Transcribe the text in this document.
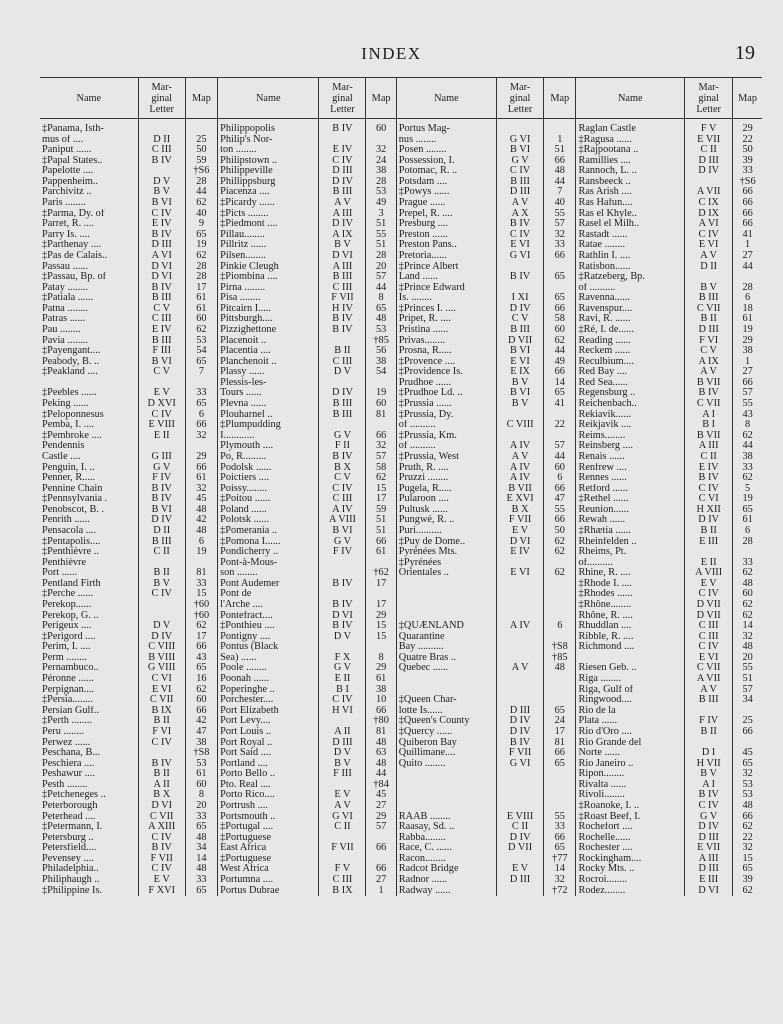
INDEX	19
Name	Mar-
ginal
Letter	Map	Name	Mar-
ginal
Letter	Map	Name	Mar-
ginal
Letter	Map	Name	Mar-
ginal
Letter	Map

‡Panama, Isth-			Philippopolis	B IV	60	Portus Mag-			Raglan Castle	F V	29
mus of ....	D II	25	Philip's Nor-			nus ........	G VI	1	‡Ragusa ......	E VII	22
Paniput ......	C III	50	ton ........	E IV	32	Posen ........	B VI	51	‡Rajpootana ..	C II	50
‡Papal States..	B IV	59	Philipstown ..	C IV	24	Possession, I.	G V	66	Ramillies ....	D III	39
Papelotte ....		†S6	Philippeville	D III	38	Potomac, R. ..	C IV	48	Rannoch, L. ..	D IV	33
Pappenheim..	D V	28	Phillippsburg	D IV	28	Potsdam ....	B III	44	Ransbeeck ..		†S6
Parchivitz ..	B V	44	Piacenza ....	B III	53	‡Powys ......	D III	7	Ras Arish ....	A VII	66
Paris ........	B VI	62	‡Picardy ......	A V	49	Prague ......	A V	40	Ras Hafun....	C IX	66
‡Parma, Dy. of	C IV	40	‡Picts ........	A III	3	Prepel, R. ....	A X	55	Ras el Khyle..	D IX	66
Parret, R. ....	E IV	9	‡Piedmont ....	D IV	51	Presburg ....	B IV	57	Rasel el Milh..	A VI	66
Parry Is. ....	B IV	65	Pillau........	A IX	55	Preston ......	C IV	32	Rastadt ......	C IV	41
‡Parthenay ....	D III	19	Pillritz ......	B V	51	Preston Pans..	E VI	33	Ratae ........	E VI	1
‡Pas de Calais..	A VI	62	Pilsen........	D VI	28	Pretoria......	G VI	66	Rathlin I. ....	A V	27
Passau ......	D VI	28	Pinkie Cleugh	A III	20	‡Prince Albert			Ratisbon......	D II	44
‡Passau, Bp. of	D VI	28	‡Piombina ....	B III	57	Land ......	B IV	65	‡Ratzeberg, Bp.		
Patay ........	B IV	17	Pirna ........	C III	44	‡Prince Edward			of ..........	B V	28
‡Patiala ......	B III	61	Pisa ........	F VII	8	Is. ........	I XI	65	Ravenna......	B III	6
Patna ........	C V	61	Pitcairn I.....	H IV	65	‡Princes I. ....	D IV	66	Ravenspur....	C VII	18
Patras ......	C III	60	Pittsburgh....	B IV	48	Pripet, R. ....	C V	58	Ravi, R. ......	B II	61
Pau ........	E IV	62	Pizzighettone	B IV	53	Pristina ......	B III	60	‡Ré, I. de......	D III	19
Pavia ........	B III	53	Placenoit ..		†85	Privas........	D VII	62	Reading ......	F VI	29
‡Payengant....	F III	54	Placentia ....	B II	56	Prosna, R.....	B VI	44	Reckem ......	C V	38
Peabody, B. ..	B VI	65	Planchenoit ..	C III	38	‡Provence ....	E VI	49	Reculbium....	A IX	1
‡Peakland ....	C V	7	Plassy ......	D V	54	‡Providence Is.	E IX	66	Red Bay ....	A V	27
			Plessis-les-			Prudhoe ......	B V	14	Red Sea......	B VII	66
‡Peebles ......	E V	33	Tours ......	D IV	19	‡Prudhoe Ld. ..	B VI	65	Regensburg ..	B IV	57
Peking ......	D XVI	65	Plevna ......	B III	60	‡Prussia ......	B V	41	Reichenbach..	C VII	55
‡Peloponnesus	C IV	6	Plouharnel ..	B III	81	‡Prussia, Dy.			Rekiavik......	A I	43
Pemba, I. ....	E VIII	66	‡Plumpudding			of ..........	C VIII	22	Reikjavik ....	B I	8
‡Pembroke ....	E II	32	I............	G V	66	‡Prussia, Km.			Reims........	B VII	62
Pendennis			Plymouth ....	F II	32	of ..........	A IV	57	Reinsberg ....	A III	44
Castle ....	G III	29	Po, R.........	B IV	57	‡Prussia, West	A V	44	Renais ......	C II	38
Penguin, I. ..	G V	66	Podolsk ......	B X	58	Pruth, R. ....	A IV	60	Renfrew ....	E IV	33
Penner, R.....	F IV	61	Poictiers ....	C V	62	Pruzzi ........	A IV	6	Rennes ......	B IV	62
Pennine Chain	B IV	32	Poissy........	C IV	15	Pugela, R.....	B VII	66	Retford ......	C IV	5
‡Pennsylvania .	B IV	45	‡Poitou ......	C III	17	Pularoon ....	E XVI	47	‡Rethel ......	C VI	19
Penobscot, B. .	B VI	48	Poland ......	A IV	59	Pultusk ......	B X	55	Reunion......	H XII	65
Penrith ......	D IV	42	Polotsk ......	A VIII	51	Pungwé, R. ..	F VII	66	Rewah ......	D IV	61
Pensacola ....	D II	48	‡Pomerania ..	B VI	51	Puri..........	E V	50	‡Rhætia ......	B II	6
‡Pentapolis....	B III	6	‡Pomona I......	G V	66	‡Puy de Dome..	D VI	62	Rheinfelden ..	E III	28
‡Penthièvre ..	C II	19	Pondicherry ..	F IV	61	Pyrénées Mts.	E IV	62	Rheims, Pt.		
Penthièvre			Pont-à-Mous-			‡Pyrénées			of..........	E II	33
Port ......	B II	81	son ........		†62	Orientales ..	E VI	62	Rhine, R. ....	A VIII	62
Pentland Firth	B V	33	Pont Audemer	B IV	17				‡Rhode I. ....	E V	48
‡Perche ......	C IV	15	Pont de						‡Rhodes ......	C IV	60
Perekop......		†60	l'Arche ....	B IV	17				‡Rhône........	D VII	62
Perekop, G. ..		†60	Pontefract....	D VI	29				Rhône, R. ....	D VII	62
Perigeux ....	D V	62	‡Ponthieu ....	B IV	15	‡QUÆNLAND	A IV	6	Rhuddlan ....	C III	14
‡Perigord ....	D IV	17	Pontigny ....	D V	15	Quarantine			Ribble, R. ....	C III	32
Perim, I. ....	C VIII	66	Pontus (Black			Bay ..........		†S8	Richmond ....	C IV	48
Perm ........	B VIII	43	Sea) ......	F X	8	Quatre Bras ..		†85		E VI	20
Pernambuco..	G VIII	65	Poole ........	G V	29	Quebec ......	A V	48	Riesen Geb. ..	C VII	55
Péronne ......	C VI	16	Poonah ......	E II	61				Riga ........	A VII	51
Perpignan....	E VI	62	Poperinghe ..	B I	38				Riga, Gulf of	A V	57
‡Persia........	C VII	60	Porchester....	C IV	10	‡Queen Char-			Ringwood....	B III	34
Persian Gulf..	B IX	66	Port Elizabeth	H VI	66	lotte Is......	D III	65	Rio de la		
‡Perth ........	B II	42	Port Levy....		†80	‡Queen's County	D IV	24	Plata ......	F IV	25
Peru ........	F VI	47	Port Louis ..	A II	81	‡Quercy ......	D IV	17	Rio d'Oro ....	B II	66
Perwez ......	C IV	38	Port Royal ..	D III	48	Quiberon Bay	B IV	81	Rio Grande del		
Peschana, B...		†S8	Port Said ....	D V	63	Quillimane....	F VII	66	Norte ......	D I	45
Peschiera ....	B IV	53	Portland ....	B V	48	Quito ........	G VI	65	Rio Janeiro ..	H VII	65
Peshawur ....	B II	61	Porto Bello ..	F III	44				Ripon........	B V	32
Pesth ........	A II	60	Pto. Real ....		†84				Rivalta ......	A I	53
‡Petcheneges ..	B X	8	Porto Rico....	E V	45				Rivoli........	B IV	53
Peterborough	D VI	20	Portrush ....	A V	27				‡Roanoke, I. ..	C IV	48
Peterhead ....	C VII	33	Portsmouth ..	G VI	29	RAAB ........	E VIII	55	‡Roast Beef, I.	G V	66
‡Petermann, I.	A XIII	65	‡Portugal ....	C II	57	Raasay, Sd. ..	C II	33	Rochefort ....	D IV	62
Petersburg ..	C IV	48	‡Portuguese			Rabba........	D IV	66	Rochelle......	D III	22
Petersfield....	B IV	34	East Africa	F VII	66	Race, C. ......	D VII	65	Rochester ....	E VII	32
Pevensey ....	F VII	14	‡Portuguese			Racon........		†77	Rockingham....	A III	15
Philadelphia..	C IV	48	West Africa	F V	66	Radcot Bridge	E V	14	Rocky Mts. ..	D III	65
Philiphaugh ..	E V	33	Portumna ....	C III	27	Radnor ......	D III	32	Rocroi........	E III	39
‡Philippine Is.	F XVI	65	Portus Dubrae	B IX	1	Radway ......		†72	Rodez........	D VI	62
